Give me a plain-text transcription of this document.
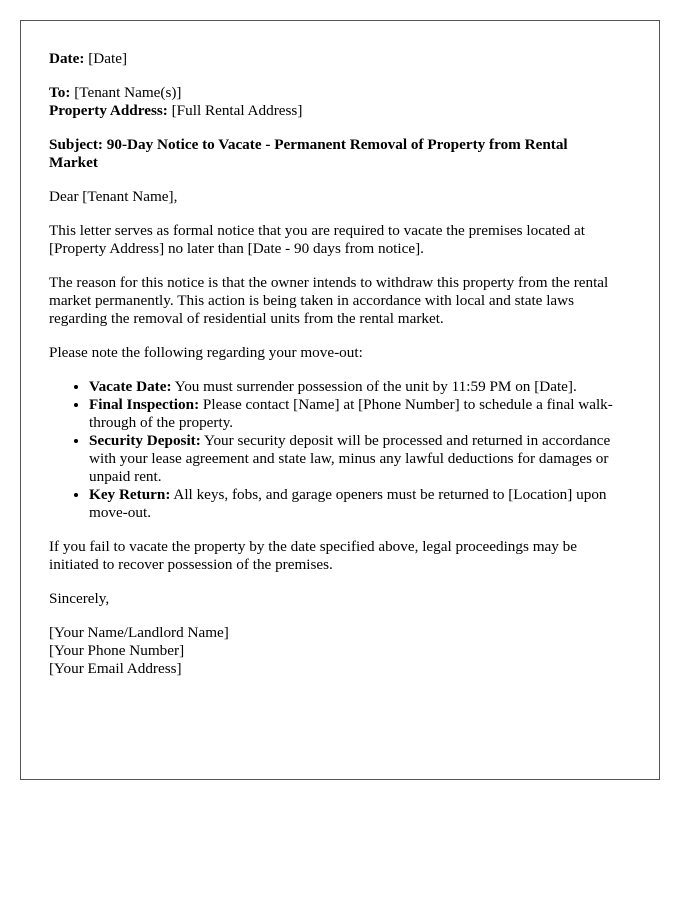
Date: [Date]

To: [Tenant Name(s)]

Property Address: [Full Rental Address]

Subject: 90-Day Notice to Vacate - Permanent Removal of Property from Rental Market

Dear [Tenant Name],

This letter serves as formal notice that you are required to vacate the premises located at [Property Address] no later than [Date - 90 days from notice].

The reason for this notice is that the owner intends to withdraw this property from the rental market permanently. This action is being taken in accordance with local and state laws regarding the removal of residential units from the rental market.

Please note the following regarding your move-out:

• Vacate Date: You must surrender possession of the unit by 11:59 PM on [Date].
• Final Inspection: Please contact [Name] at [Phone Number] to schedule a final walk-through of the property.
• Security Deposit: Your security deposit will be processed and returned in accordance with your lease agreement and state law, minus any lawful deductions for damages or unpaid rent.
• Key Return: All keys, fobs, and garage openers must be returned to [Location] upon move-out.

If you fail to vacate the property by the date specified above, legal proceedings may be initiated to recover possession of the premises.

Sincerely,

[Your Name/Landlord Name]

[Your Phone Number]

[Your Email Address]
